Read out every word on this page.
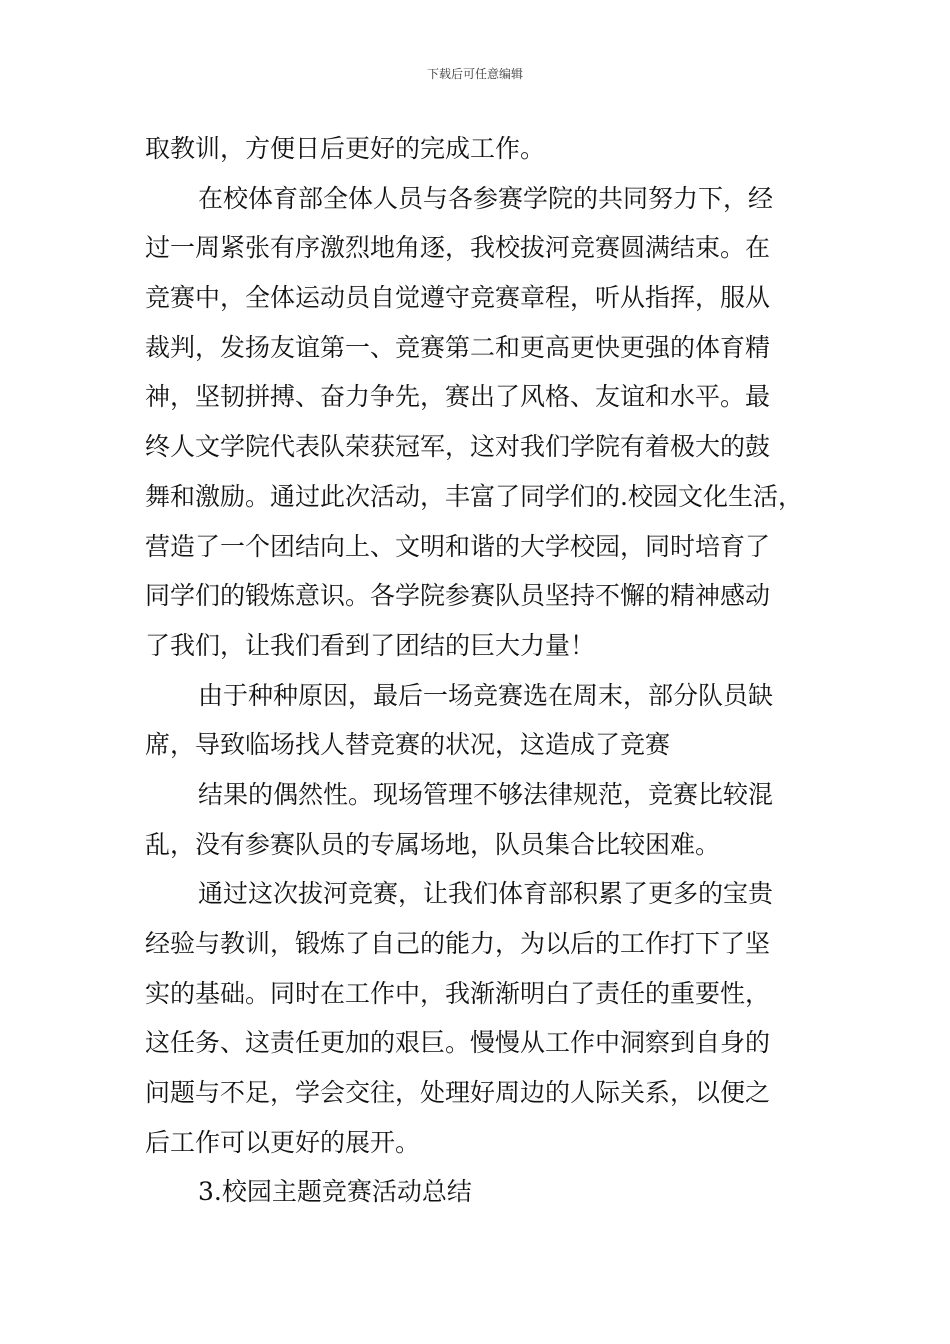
下载后可任意编辑
取教训，方便日后更好的完成工作。
在校体育部全体人员与各参赛学院的共同努力下，经
过一周紧张有序激烈地角逐，我校拔河竞赛圆满结束。在
竞赛中，全体运动员自觉遵守竞赛章程，听从指挥，服从
裁判，发扬友谊第一、竞赛第二和更高更快更强的体育精
神，坚韧拼搏、奋力争先，赛出了风格、友谊和水平。最
终人文学院代表队荣获冠军，这对我们学院有着极大的鼓
舞和激励。通过此次活动，丰富了同学们的.校园文化生活，
营造了一个团结向上、文明和谐的大学校园，同时培育了
同学们的锻炼意识。各学院参赛队员坚持不懈的精神感动
了我们，让我们看到了团结的巨大力量！
由于种种原因，最后一场竞赛选在周末，部分队员缺
席，导致临场找人替竞赛的状况，这造成了竞赛
结果的偶然性。现场管理不够法律规范，竞赛比较混
乱，没有参赛队员的专属场地，队员集合比较困难。
通过这次拔河竞赛，让我们体育部积累了更多的宝贵
经验与教训，锻炼了自己的能力，为以后的工作打下了坚
实的基础。同时在工作中，我渐渐明白了责任的重要性，
这任务、这责任更加的艰巨。慢慢从工作中洞察到自身的
问题与不足，学会交往，处理好周边的人际关系，以便之
后工作可以更好的展开。
3.校园主题竞赛活动总结
